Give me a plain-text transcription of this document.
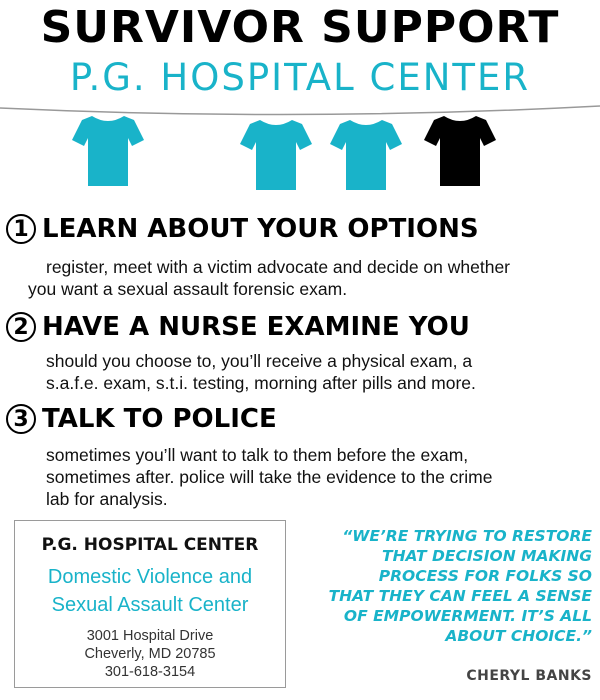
SURVIVOR SUPPORT
P.G. HOSPITAL CENTER
1 LEARN ABOUT YOUR OPTIONS
register, meet with a victim advocate and decide on whether
you want a sexual assault forensic exam.
2 HAVE A NURSE EXAMINE YOU
should you choose to, you’ll receive a physical exam, a
s.a.f.e. exam, s.t.i. testing, morning after pills and more.
3 TALK TO POLICE
sometimes you’ll want to talk to them before the exam,
sometimes after. police will take the evidence to the crime
lab for analysis.
P.G. HOSPITAL CENTER
Domestic Violence and
Sexual Assault Center
3001 Hospital Drive
Cheverly, MD 20785
301-618-3154
“WE’RE TRYING TO RESTORE
THAT DECISION MAKING
PROCESS FOR FOLKS SO
THAT THEY CAN FEEL A SENSE
OF EMPOWERMENT. IT’S ALL
ABOUT CHOICE.”
CHERYL BANKS
